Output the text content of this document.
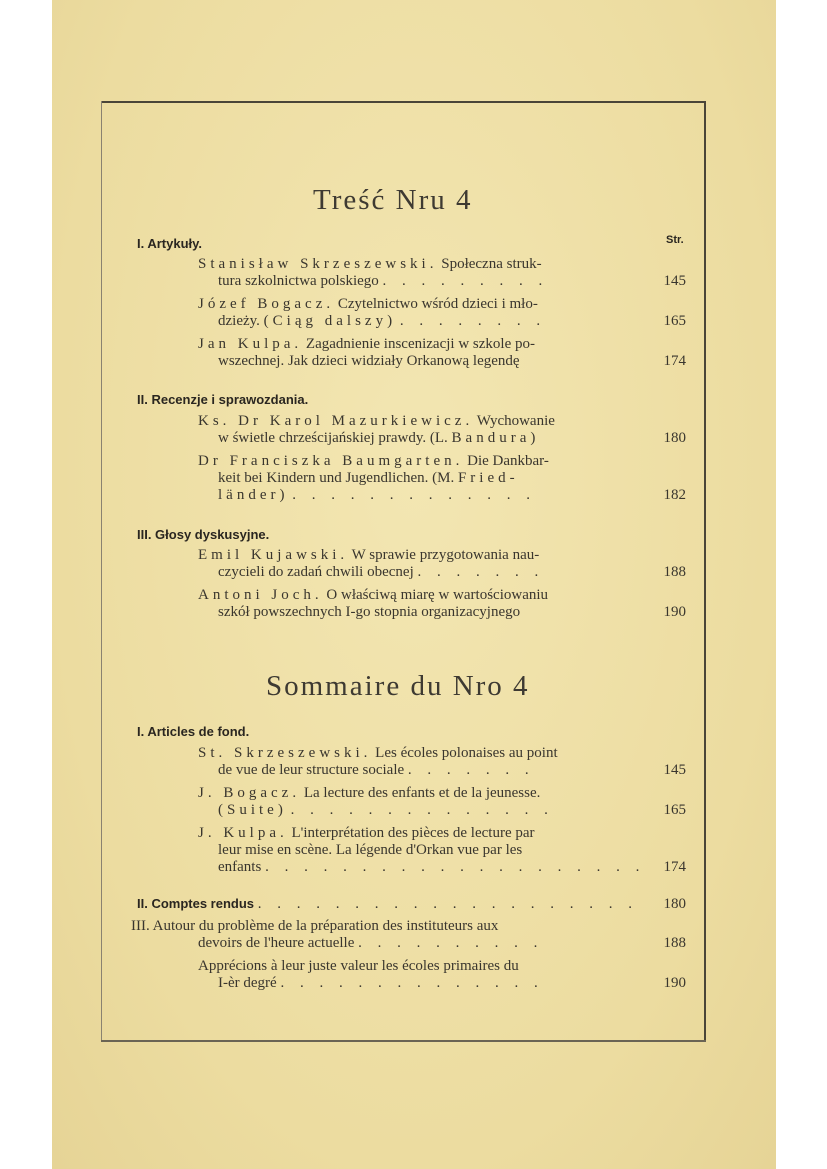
Treść Nru 4
I. Artykuły.	Str.
Stanisław Skrzeszewski. Społeczna struk-
tura szkolnictwa polskiego . . . . . . . . .	145
Józef Bogacz. Czytelnictwo wśród dzieci i mło-
dzieży. (Ciąg dalszy) . . . . . . . .	165
Jan Kulpa. Zagadnienie inscenizacji w szkole po-
wszechnej. Jak dzieci widziały Orkanową legendę	174
II. Recenzje i sprawozdania.
Ks. Dr Karol Mazurkiewicz. Wychowanie
w świetle chrześcijańskiej prawdy. (L. Bandura)	180
Dr Franciszka Baumgarten. Die Dankbar-
keit bei Kindern und Jugendlichen. (M. Fried-
länder) . . . . . . . . . . . . .	182
III. Głosy dyskusyjne.
Emil Kujawski. W sprawie przygotowania nau-
czycieli do zadań chwili obecnej . . . . . . .	188
Antoni Joch. O właściwą miarę w wartościowaniu
szkół powszechnych I-go stopnia organizacyjnego	190
Sommaire du Nro 4
I. Articles de fond.
St. Skrzeszewski. Les écoles polonaises au point
de vue de leur structure sociale . . . . . . .	145
J. Bogacz. La lecture des enfants et de la jeunesse.
(Suite) . . . . . . . . . . . . . .	165
J. Kulpa. L'interprétation des pièces de lecture par
leur mise en scène. La légende d'Orkan vue par les
enfants . . . . . . . . . . . . . . . . . . . .	174
II. Comptes rendus . . . . . . . . . . . . . . . . . . . .	180
III. Autour du problème de la préparation des instituteurs aux
devoirs de l'heure actuelle . . . . . . . . . .	188
Apprécions à leur juste valeur les écoles primaires du
I-èr degré . . . . . . . . . . . . . .	190
